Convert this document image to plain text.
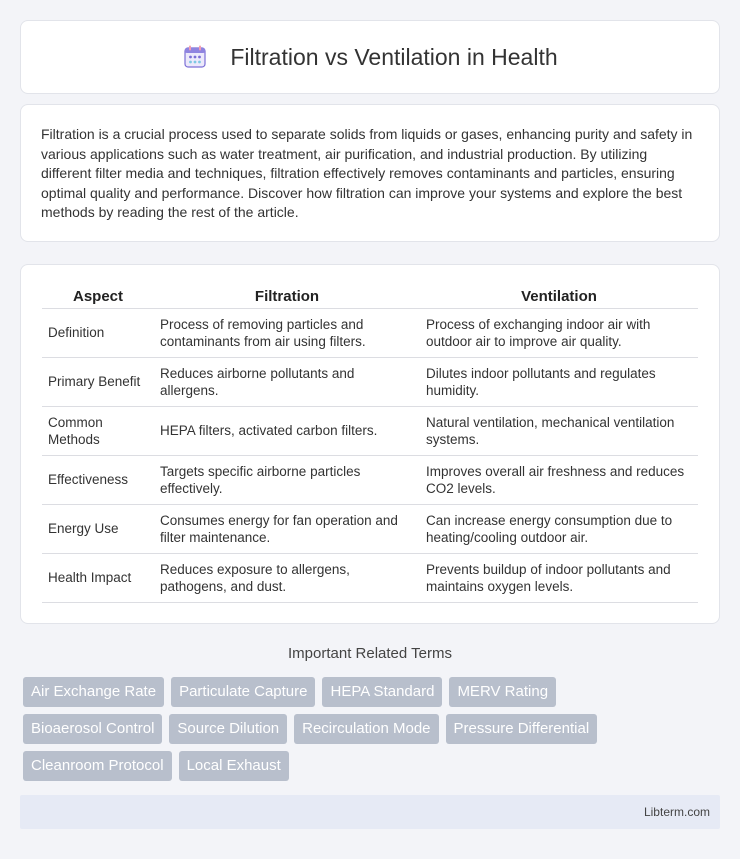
Filtration vs Ventilation in Health

Filtration is a crucial process used to separate solids from liquids or gases, enhancing purity and safety in various applications such as water treatment, air purification, and industrial production. By utilizing different filter media and techniques, filtration effectively removes contaminants and particles, ensuring optimal quality and performance. Discover how filtration can improve your systems and explore the best methods by reading the rest of the article.

Aspect	Filtration	Ventilation
Definition	Process of removing particles and contaminants from air using filters.	Process of exchanging indoor air with outdoor air to improve air quality.
Primary Benefit	Reduces airborne pollutants and allergens.	Dilutes indoor pollutants and regulates humidity.
Common Methods	HEPA filters, activated carbon filters.	Natural ventilation, mechanical ventilation systems.
Effectiveness	Targets specific airborne particles effectively.	Improves overall air freshness and reduces CO2 levels.
Energy Use	Consumes energy for fan operation and filter maintenance.	Can increase energy consumption due to heating/cooling outdoor air.
Health Impact	Reduces exposure to allergens, pathogens, and dust.	Prevents buildup of indoor pollutants and maintains oxygen levels.
Important Related Terms
Air Exchange Rate	Particulate Capture	HEPA Standard	MERV Rating
Bioaerosol Control	Source Dilution	Recirculation Mode	Pressure Differential
Cleanroom Protocol	Local Exhaust
Libterm.com
